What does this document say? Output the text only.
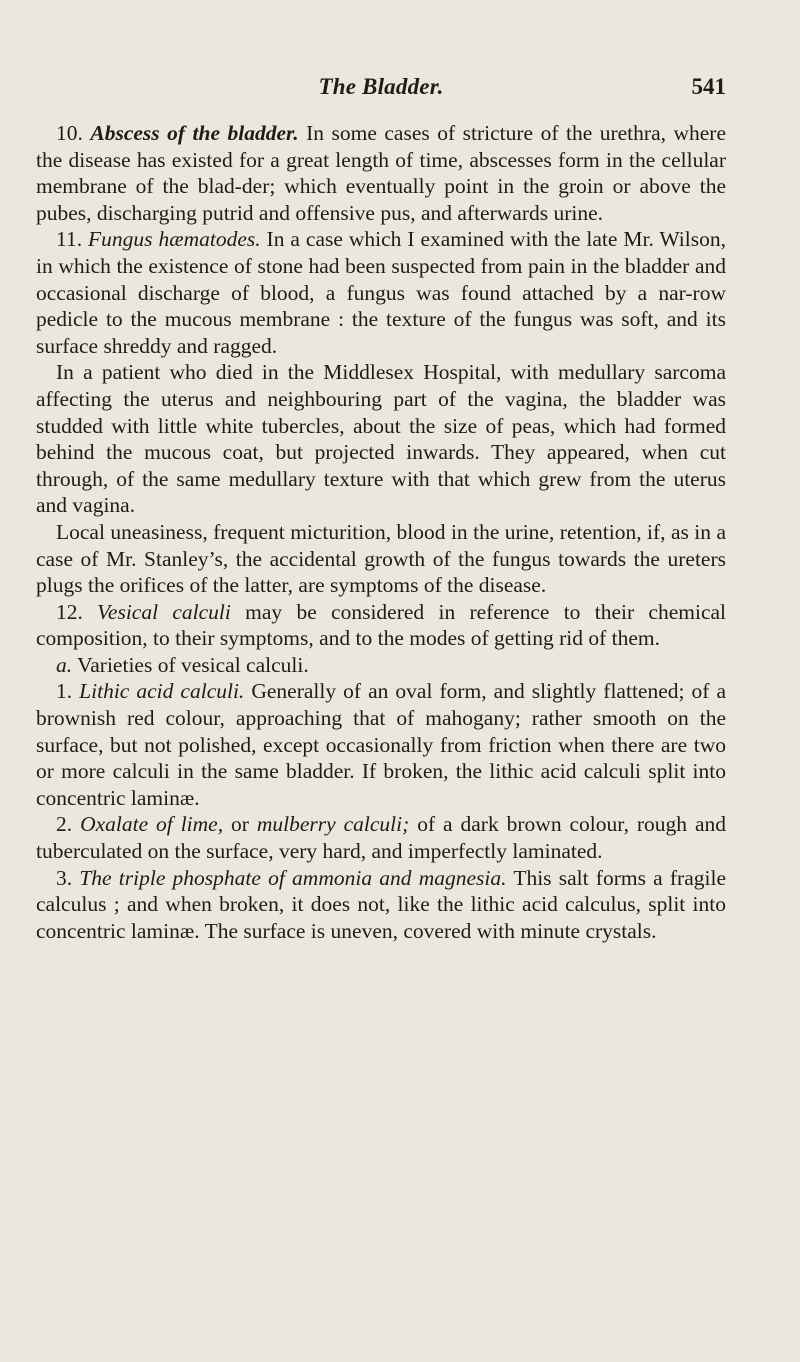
The Bladder.	541

10. Abscess of the bladder. In some cases of stricture of the urethra, where the disease has existed for a great length of time, abscesses form in the cellular membrane of the blad-der; which eventually point in the groin or above the pubes, discharging putrid and offensive pus, and afterwards urine.

11. Fungus hæmatodes. In a case which I examined with the late Mr. Wilson, in which the existence of stone had been suspected from pain in the bladder and occasional discharge of blood, a fungus was found attached by a nar-row pedicle to the mucous membrane : the texture of the fungus was soft, and its surface shreddy and ragged.

In a patient who died in the Middlesex Hospital, with medullary sarcoma affecting the uterus and neighbouring part of the vagina, the bladder was studded with little white tubercles, about the size of peas, which had formed behind the mucous coat, but projected inwards. They appeared, when cut through, of the same medullary texture with that which grew from the uterus and vagina.

Local uneasiness, frequent micturition, blood in the urine, retention, if, as in a case of Mr. Stanley’s, the accidental growth of the fungus towards the ureters plugs the orifices of the latter, are symptoms of the disease.

12. Vesical calculi may be considered in reference to their chemical composition, to their symptoms, and to the modes of getting rid of them.

a. Varieties of vesical calculi.

1. Lithic acid calculi. Generally of an oval form, and slightly flattened; of a brownish red colour, approaching that of mahogany; rather smooth on the surface, but not polished, except occasionally from friction when there are two or more calculi in the same bladder. If broken, the lithic acid calculi split into concentric laminæ.

2. Oxalate of lime, or mulberry calculi; of a dark brown colour, rough and tuberculated on the surface, very hard, and imperfectly laminated.

3. The triple phosphate of ammonia and magnesia. This salt forms a fragile calculus ; and when broken, it does not, like the lithic acid calculus, split into concentric laminæ. The surface is uneven, covered with minute crystals.
